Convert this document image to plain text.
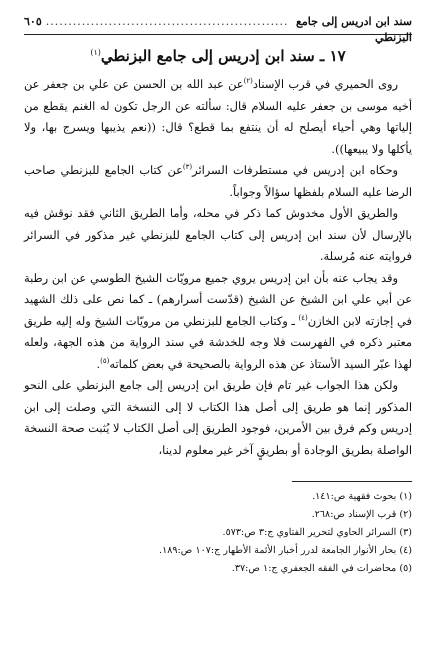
سند ابن ادريس إلى جامع البزنطي
......................................................
٦٠٥
١٧ ـ سند ابن إدريس إلى جامع البزنطي$^{(١)}$

روى الحميري في قرب الإسناد$^{(٢)}$عن عبد الله بن الحسن عن علي بن جعفر عن أخيه موسى بن جعفر عليه السلام قال: سألته عن الرجل تكون له الغنم يقطع من إلياتها وهي أحياء أيصلح له أن ينتفع بما قطع؟ قال: ((نعم يذيبها ويسرج بها، ولا يأكلها ولا يبيعها)).

وحكاه ابن إدريس في مستطرفات السرائر$^{(٣)}$عن كتاب الجامع للبزنطي صاحب الرضا عليه السلام بلفظها سؤالاً وجواباً.

والطريق الأول مخدوش كما ذكر في محله، وأما الطريق الثاني فقد نوقش فيه بالإرسال لأن سند ابن إدريس إلى كتاب الجامع للبزنطي غير مذكور في السرائر فروايته عنه مُرسلة.

وقد يجاب عنه بأن ابن إدريس يروي جميع مرويّات الشيخ الطوسي عن ابن رطبة عن أبي علي ابن الشيخ عن الشيخ (قدّست أسرارهم) ـ كما نص على ذلك الشهيد في إجازته لابن الخازن$^{(٤)}$ ـ وكتاب الجامع للبزنطي من مرويّات الشيخ وله إليه طريق معتبر ذكره في الفهرست فلا وجه للخدشة في سند الرواية من هذه الجهة، ولعله لهذا عبّر السيد الأستاذ عن هذه الرواية بالصحيحة في بعض كلماته$^{(٥)}$.

ولكن هذا الجواب غير تام فإن طريق ابن إدريس إلى جامع البزنطي على النحو المذكور إنما هو طريق إلى أصل هذا الكتاب لا إلى النسخة التي وصلت إلى ابن إدريس وكم فرق بين الأمرين، فوجود الطريق إلى أصل الكتاب لا يُثبت صحة النسخة الواصلة بطريق الوجادة أو بطريقٍ آخر غير معلوم لدينا،

(١) بحوث فقهية ص:١٤١.
(٢) قرب الإسناد ص:٢٦٨.
(٣) السرائر الحاوي لتحرير الفتاوي ج:٣ ص:٥٧٣.
(٤) بحار الأنوار الجامعة لدرر أخبار الأئمة الأطهار ج:١٠٧ ص:١٨٩.
(٥) محاضرات في الفقه الجعفري ج:١ ص:٣٧.
